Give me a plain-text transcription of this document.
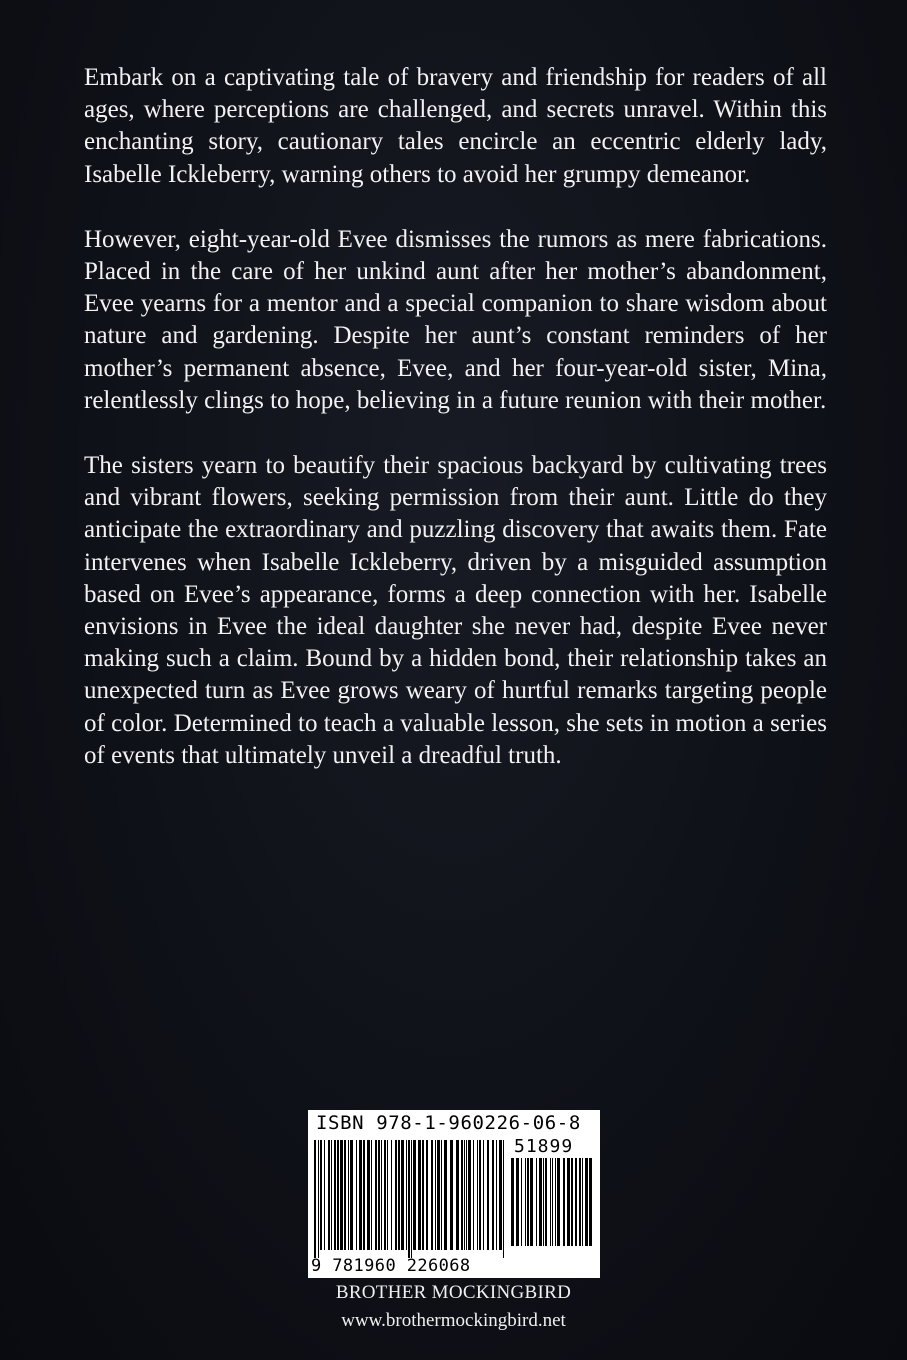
Embark on a captivating tale of bravery and friendship for readers of all ages, where perceptions are challenged, and secrets unravel. Within this enchanting story, cautionary tales encircle an eccentric elderly lady, Isabelle Ickleberry, warning others to avoid her grumpy demeanor.

However, eight-year-old Evee dismisses the rumors as mere fabrications. Placed in the care of her unkind aunt after her mother’s abandonment, Evee yearns for a mentor and a special companion to share wisdom about nature and gardening. Despite her aunt’s constant reminders of her mother’s permanent absence, Evee, and her four-year-old sister, Mina, relentlessly clings to hope, believing in a future reunion with their mother.

The sisters yearn to beautify their spacious backyard by cultivating trees and vibrant flowers, seeking permission from their aunt. Little do they anticipate the extraordinary and puzzling discovery that awaits them. Fate intervenes when Isabelle Ickleberry, driven by a misguided assumption based on Evee’s appearance, forms a deep connection with her. Isabelle envisions in Evee the ideal daughter she never had, despite Evee never making such a claim. Bound by a hidden bond, their relationship takes an unexpected turn as Evee grows weary of hurtful remarks targeting people of color. Determined to teach a valuable lesson, she sets in motion a series of events that ultimately unveil a dreadful truth.

ISBN 978-1-960226-06-8
51899
9 781960 226068
BROTHER MOCKINGBIRD
www.brothermockingbird.net
